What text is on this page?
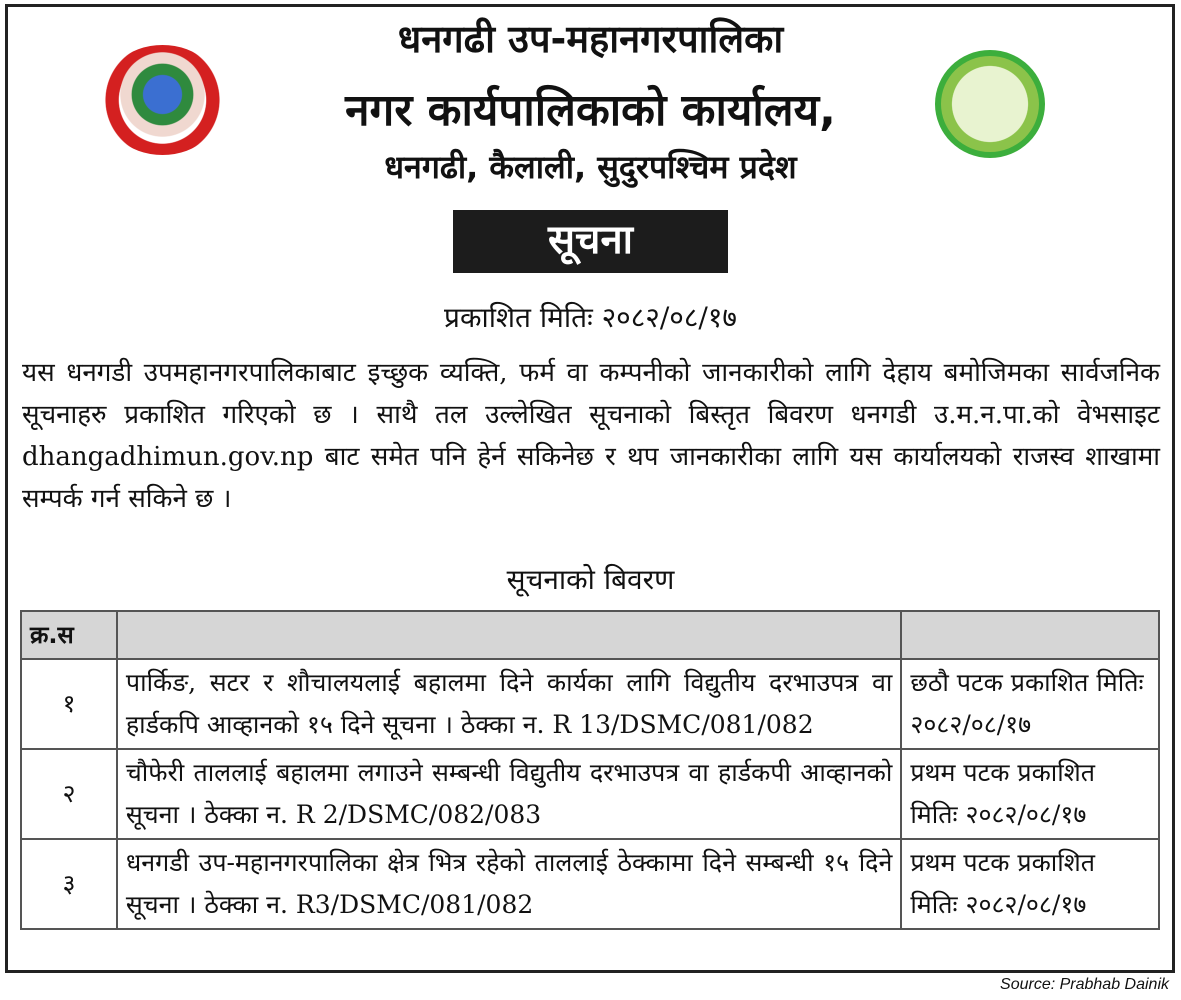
धनगढी उप-महानगरपालिका
नगर कार्यपालिकाको कार्यालय,
धनगढी, कैलाली, सुदुरपश्चिम प्रदेश
सूचना
प्रकाशित मितिः २०८२/०८/१७
यस धनगडी उपमहानगरपालिकाबाट इच्छुक व्यक्ति, फर्म वा कम्पनीको जानकारीको लागि देहाय बमोजिमका सार्वजनिक सूचनाहरु प्रकाशित गरिएको छ । साथै तल उल्लेखित सूचनाको बिस्तृत बिवरण धनगडी उ.म.न.पा.को वेभसाइट dhangadhimun.gov.np बाट समेत पनि हेर्न सकिनेछ र थप जानकारीका लागि यस कार्यालयको राजस्व शाखामा सम्पर्क गर्न सकिने छ ।
सूचनाको बिवरण
क्र.स		
१	पार्किङ, सटर र शौचालयलाई बहालमा दिने कार्यका लागि विद्युतीय दरभाउपत्र वा हार्डकपि आव्हानको १५ दिने सूचना । ठेक्का न. R 13/DSMC/081/082	छठौ पटक प्रकाशित मितिः २०८२/०८/१७
२	चौफेरी ताललाई बहालमा लगाउने सम्बन्धी विद्युतीय दरभाउपत्र वा हार्डकपी आव्हानको सूचना । ठेक्का न. R 2/DSMC/082/083	प्रथम पटक प्रकाशित मितिः २०८२/०८/१७
३	धनगडी उप-महानगरपालिका क्षेत्र भित्र रहेको ताललाई ठेक्कामा दिने सम्बन्धी १५ दिने सूचना । ठेक्का न. R3/DSMC/081/082	प्रथम पटक प्रकाशित मितिः २०८२/०८/१७
Source: Prabhab Dainik
